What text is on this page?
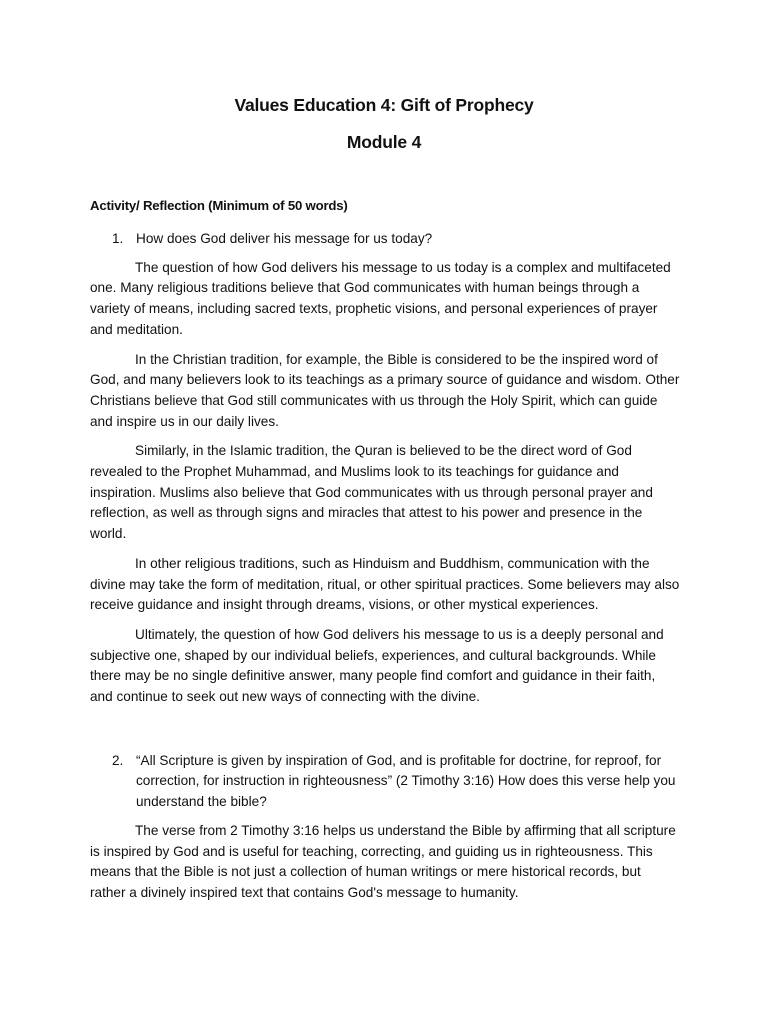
Values Education 4: Gift of Prophecy
Module 4
Activity/ Reflection (Minimum of 50 words)
1. How does God deliver his message for us today?

The question of how God delivers his message to us today is a complex and multifaceted one. Many religious traditions believe that God communicates with human beings through a variety of means, including sacred texts, prophetic visions, and personal experiences of prayer and meditation.

In the Christian tradition, for example, the Bible is considered to be the inspired word of God, and many believers look to its teachings as a primary source of guidance and wisdom. Other Christians believe that God still communicates with us through the Holy Spirit, which can guide and inspire us in our daily lives.

Similarly, in the Islamic tradition, the Quran is believed to be the direct word of God revealed to the Prophet Muhammad, and Muslims look to its teachings for guidance and inspiration. Muslims also believe that God communicates with us through personal prayer and reflection, as well as through signs and miracles that attest to his power and presence in the world.

In other religious traditions, such as Hinduism and Buddhism, communication with the divine may take the form of meditation, ritual, or other spiritual practices. Some believers may also receive guidance and insight through dreams, visions, or other mystical experiences.

Ultimately, the question of how God delivers his message to us is a deeply personal and subjective one, shaped by our individual beliefs, experiences, and cultural backgrounds. While there may be no single definitive answer, many people find comfort and guidance in their faith, and continue to seek out new ways of connecting with the divine.

2. “All Scripture is given by inspiration of God, and is profitable for doctrine, for reproof, for correction, for instruction in righteousness” (2 Timothy 3:16) How does this verse help you understand the bible?

The verse from 2 Timothy 3:16 helps us understand the Bible by affirming that all scripture is inspired by God and is useful for teaching, correcting, and guiding us in righteousness. This means that the Bible is not just a collection of human writings or mere historical records, but rather a divinely inspired text that contains God's message to humanity.
